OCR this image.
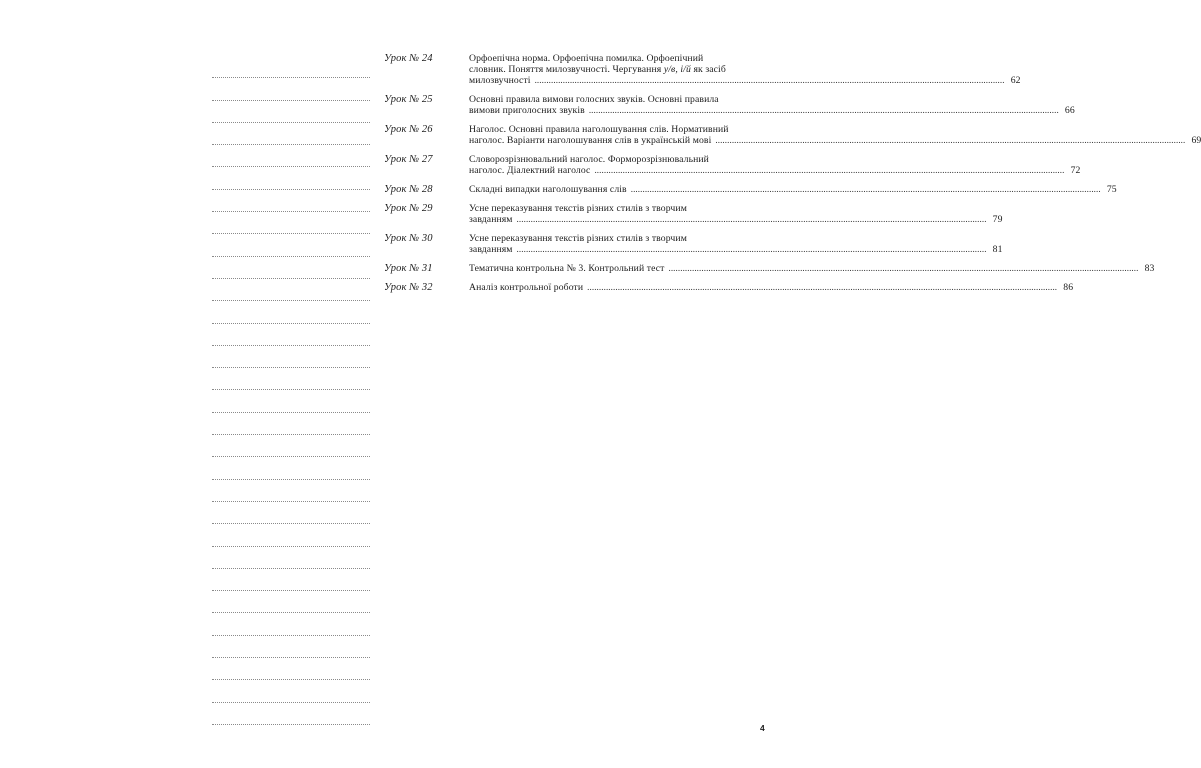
Урок № 24	Орфоепічна норма. Орфоепічна помилка. Орфоепічний
словник. Поняття милозвучності. Чергування у/в, і/й як засіб
милозвучності ........................................................................................................................................................................................................ 62
Урок № 25	Основні правила вимови голосних звуків. Основні правила
вимови приголосних звуків ........................................................................................................................................................................................................ 66
Урок № 26	Наголос. Основні правила наголошування слів. Нормативний
наголос. Варіанти наголошування слів в українській мові ........................................................................................................................................................................................................ 69
Урок № 27	Словорозрізнювальний наголос. Форморозрізнювальний
наголос. Діалектний наголос ........................................................................................................................................................................................................ 72
Урок № 28	Складні випадки наголошування слів ........................................................................................................................................................................................................ 75
Урок № 29	Усне переказування текстів різних стилів з творчим
завданням ........................................................................................................................................................................................................ 79
Урок № 30	Усне переказування текстів різних стилів з творчим
завданням ........................................................................................................................................................................................................ 81
Урок № 31	Тематична контрольна № 3. Контрольний тест ........................................................................................................................................................................................................ 83
Урок № 32	Аналіз контрольної роботи ........................................................................................................................................................................................................ 86
4
